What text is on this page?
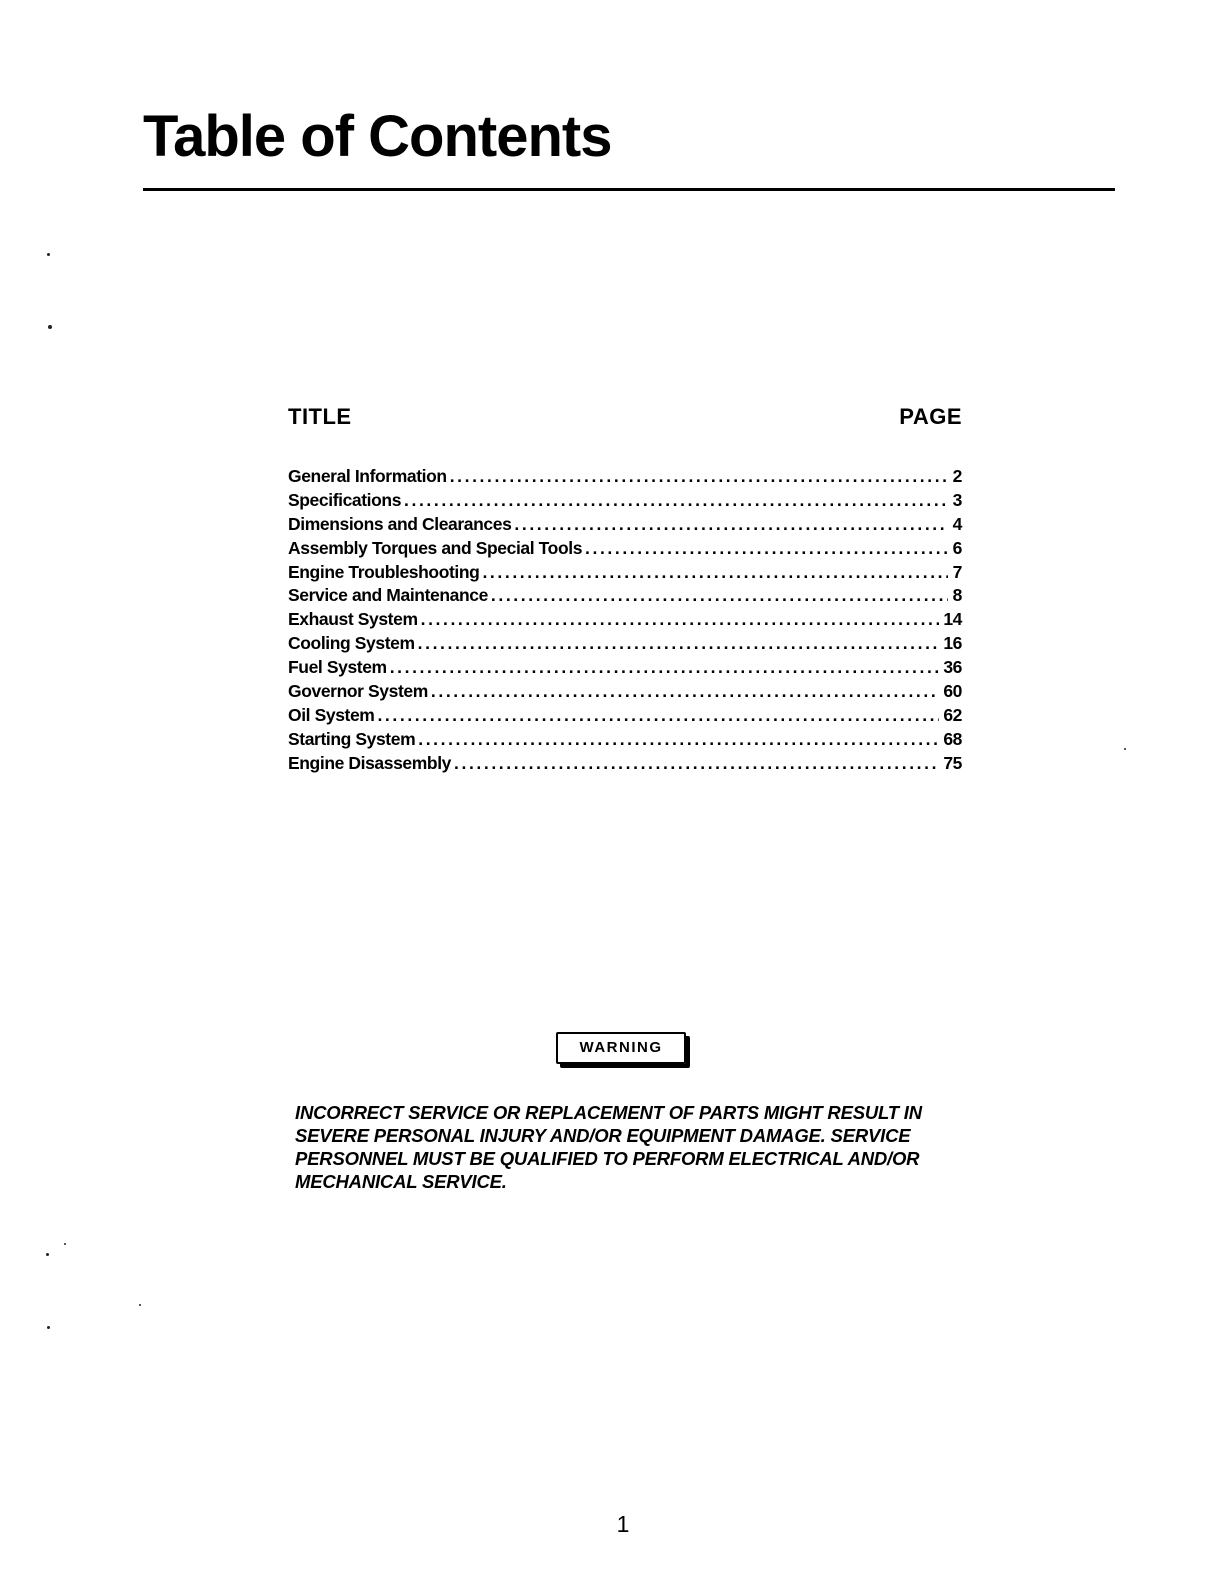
Table of Contents
TITLE	PAGE
General Information .....	2
Specifications .....	3
Dimensions and Clearances .....	4
Assembly Torques and Special Tools .....	6
Engine Troubleshooting .....	7
Service and Maintenance .....	8
Exhaust System .....	14
Cooling System .....	16
Fuel System .....	36
Governor System .....	60
Oil System .....	62
Starting System .....	68
Engine Disassembly .....	75
WARNING

INCORRECT SERVICE OR REPLACEMENT OF PARTS MIGHT RESULT IN SEVERE PERSONAL INJURY AND/OR EQUIPMENT DAMAGE. SERVICE PERSONNEL MUST BE QUALIFIED TO PERFORM ELECTRICAL AND/OR MECHANICAL SERVICE.

1
